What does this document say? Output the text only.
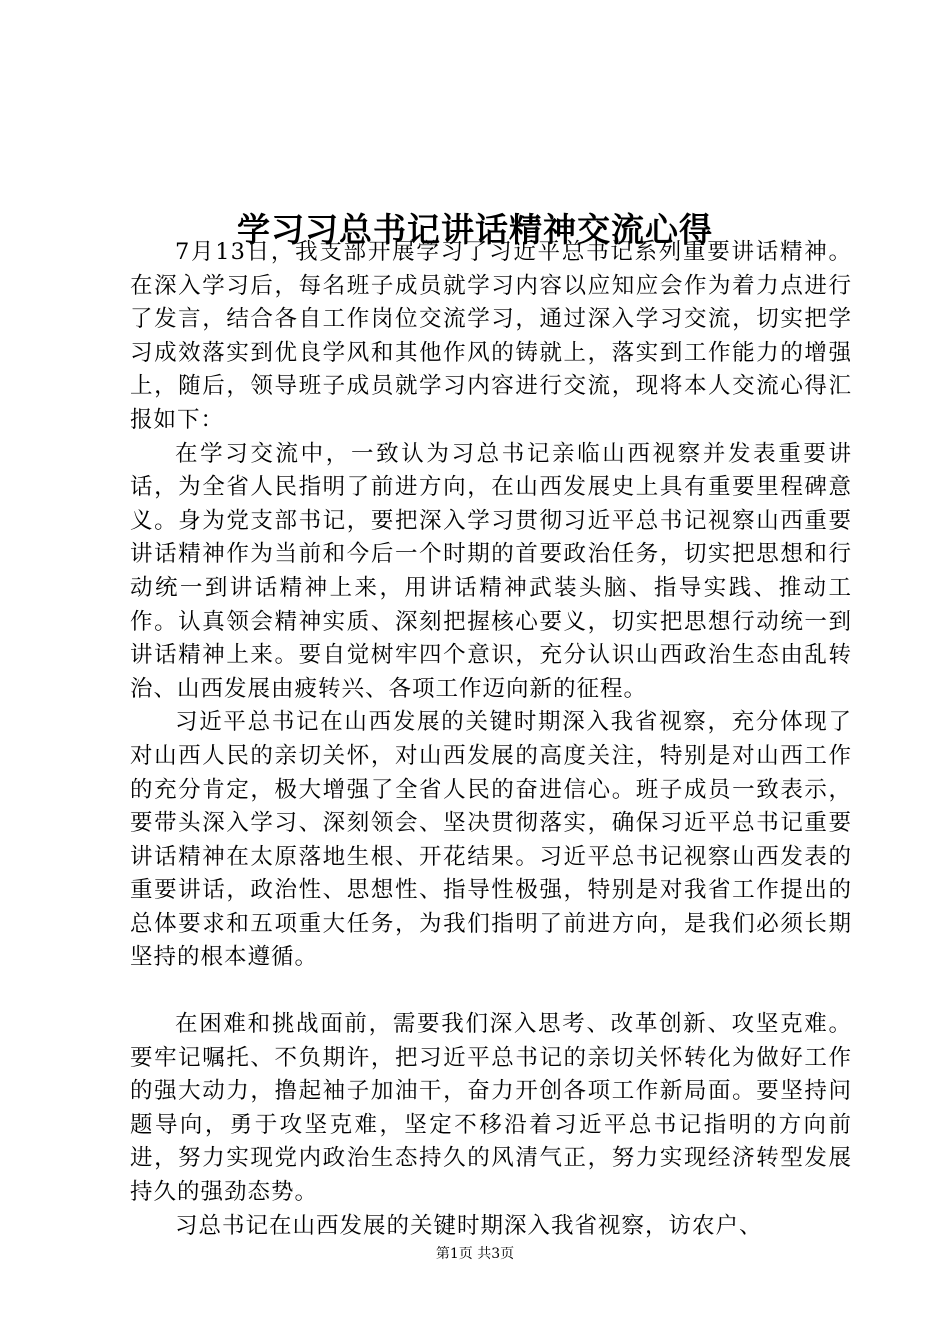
学习习总书记讲话精神交流心得

7月13日，我支部开展学习了习近平总书记系列重要讲话精神。在深入学习后，每名班子成员就学习内容以应知应会作为着力点进行了发言，结合各自工作岗位交流学习，通过深入学习交流，切实把学习成效落实到优良学风和其他作风的铸就上，落实到工作能力的增强上，随后，领导班子成员就学习内容进行交流，现将本人交流心得汇报如下：

在学习交流中，一致认为习总书记亲临山西视察并发表重要讲话，为全省人民指明了前进方向，在山西发展史上具有重要里程碑意义。身为党支部书记，要把深入学习贯彻习近平总书记视察山西重要讲话精神作为当前和今后一个时期的首要政治任务，切实把思想和行动统一到讲话精神上来，用讲话精神武装头脑、指导实践、推动工作。认真领会精神实质、深刻把握核心要义，切实把思想行动统一到讲话精神上来。要自觉树牢四个意识，充分认识山西政治生态由乱转治、山西发展由疲转兴、各项工作迈向新的征程。

习近平总书记在山西发展的关键时期深入我省视察，充分体现了对山西人民的亲切关怀，对山西发展的高度关注，特别是对山西工作的充分肯定，极大增强了全省人民的奋进信心。班子成员一致表示，要带头深入学习、深刻领会、坚决贯彻落实，确保习近平总书记重要讲话精神在太原落地生根、开花结果。习近平总书记视察山西发表的重要讲话，政治性、思想性、指导性极强，特别是对我省工作提出的总体要求和五项重大任务，为我们指明了前进方向，是我们必须长期坚持的根本遵循。

在困难和挑战面前，需要我们深入思考、改革创新、攻坚克难。要牢记嘱托、不负期许，把习近平总书记的亲切关怀转化为做好工作的强大动力，撸起袖子加油干，奋力开创各项工作新局面。要坚持问题导向，勇于攻坚克难，坚定不移沿着习近平总书记指明的方向前进，努力实现党内政治生态持久的风清气正，努力实现经济转型发展持久的强劲态势。

习总书记在山西发展的关键时期深入我省视察，访农户、

第1页 共3页
